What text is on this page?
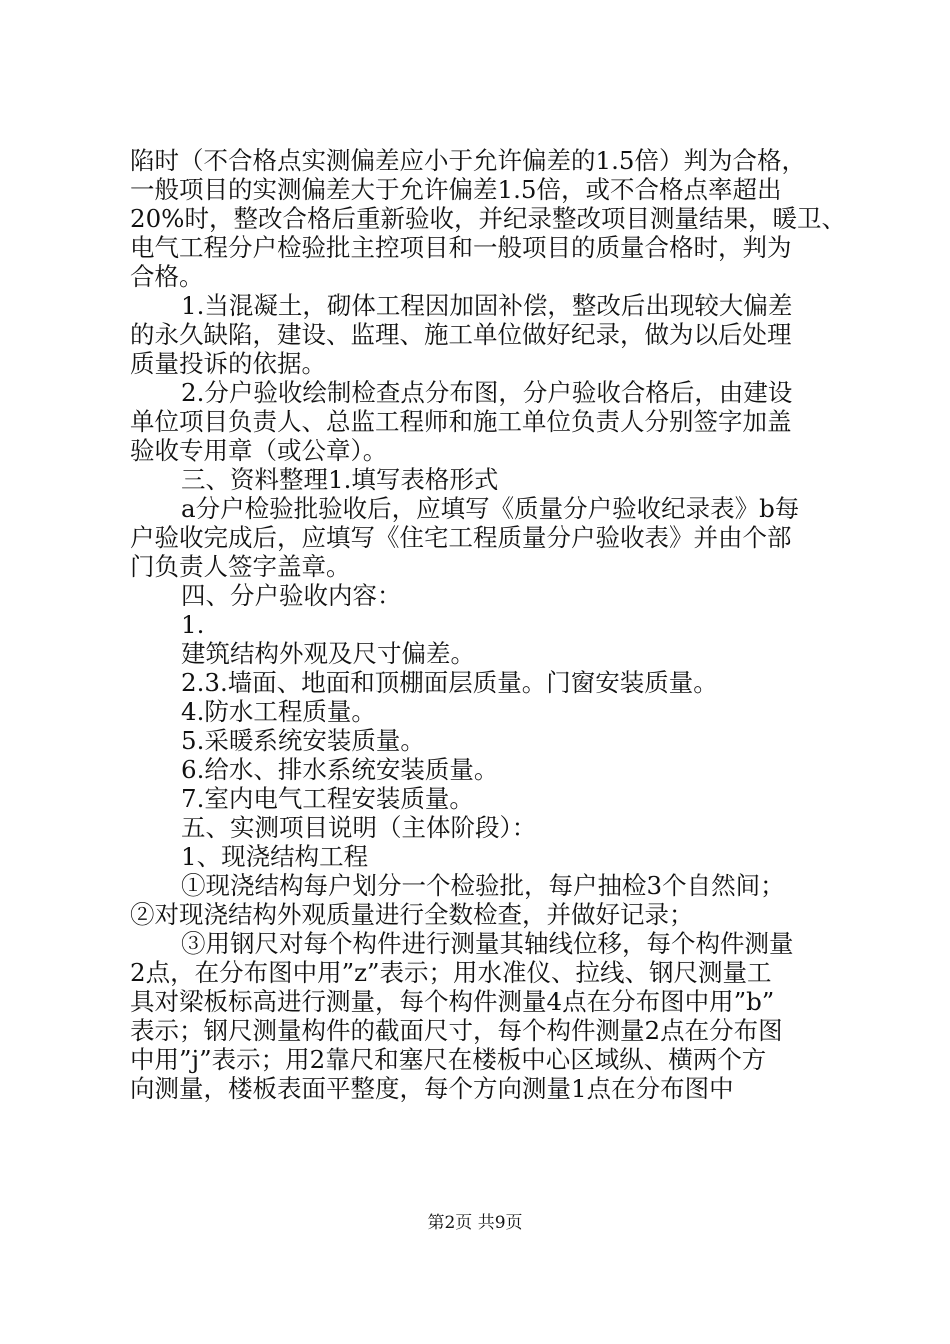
陷时（不合格点实测偏差应小于允许偏差的1.5倍）判为合格，
一般项目的实测偏差大于允许偏差1.5倍，或不合格点率超出
20%时，整改合格后重新验收，并纪录整改项目测量结果，暖卫、
电气工程分户检验批主控项目和一般项目的质量合格时，判为
合格。
1.当混凝土，砌体工程因加固补偿，整改后出现较大偏差
的永久缺陷，建设、监理、施工单位做好纪录，做为以后处理
质量投诉的依据。
2.分户验收绘制检查点分布图，分户验收合格后，由建设
单位项目负责人、总监工程师和施工单位负责人分别签字加盖
验收专用章（或公章）。
三、资料整理1.填写表格形式
a分户检验批验收后，应填写《质量分户验收纪录表》b每
户验收完成后，应填写《住宅工程质量分户验收表》并由个部
门负责人签字盖章。
四、分户验收内容：
1.
建筑结构外观及尺寸偏差。
2.3.墙面、地面和顶棚面层质量。门窗安装质量。
4.防水工程质量。
5.采暖系统安装质量。
6.给水、排水系统安装质量。
7.室内电气工程安装质量。
五、实测项目说明（主体阶段）：
1、现浇结构工程
①现浇结构每户划分一个检验批，每户抽检3个自然间；
②对现浇结构外观质量进行全数检查，并做好记录；
③用钢尺对每个构件进行测量其轴线位移，每个构件测量
2点，在分布图中用”z”表示；用水准仪、拉线、钢尺测量工
具对梁板标高进行测量，每个构件测量4点在分布图中用”b”
表示；钢尺测量构件的截面尺寸，每个构件测量2点在分布图
中用”j”表示；用2靠尺和塞尺在楼板中心区域纵、横两个方
向测量，楼板表面平整度，每个方向测量1点在分布图中
第2页 共9页
